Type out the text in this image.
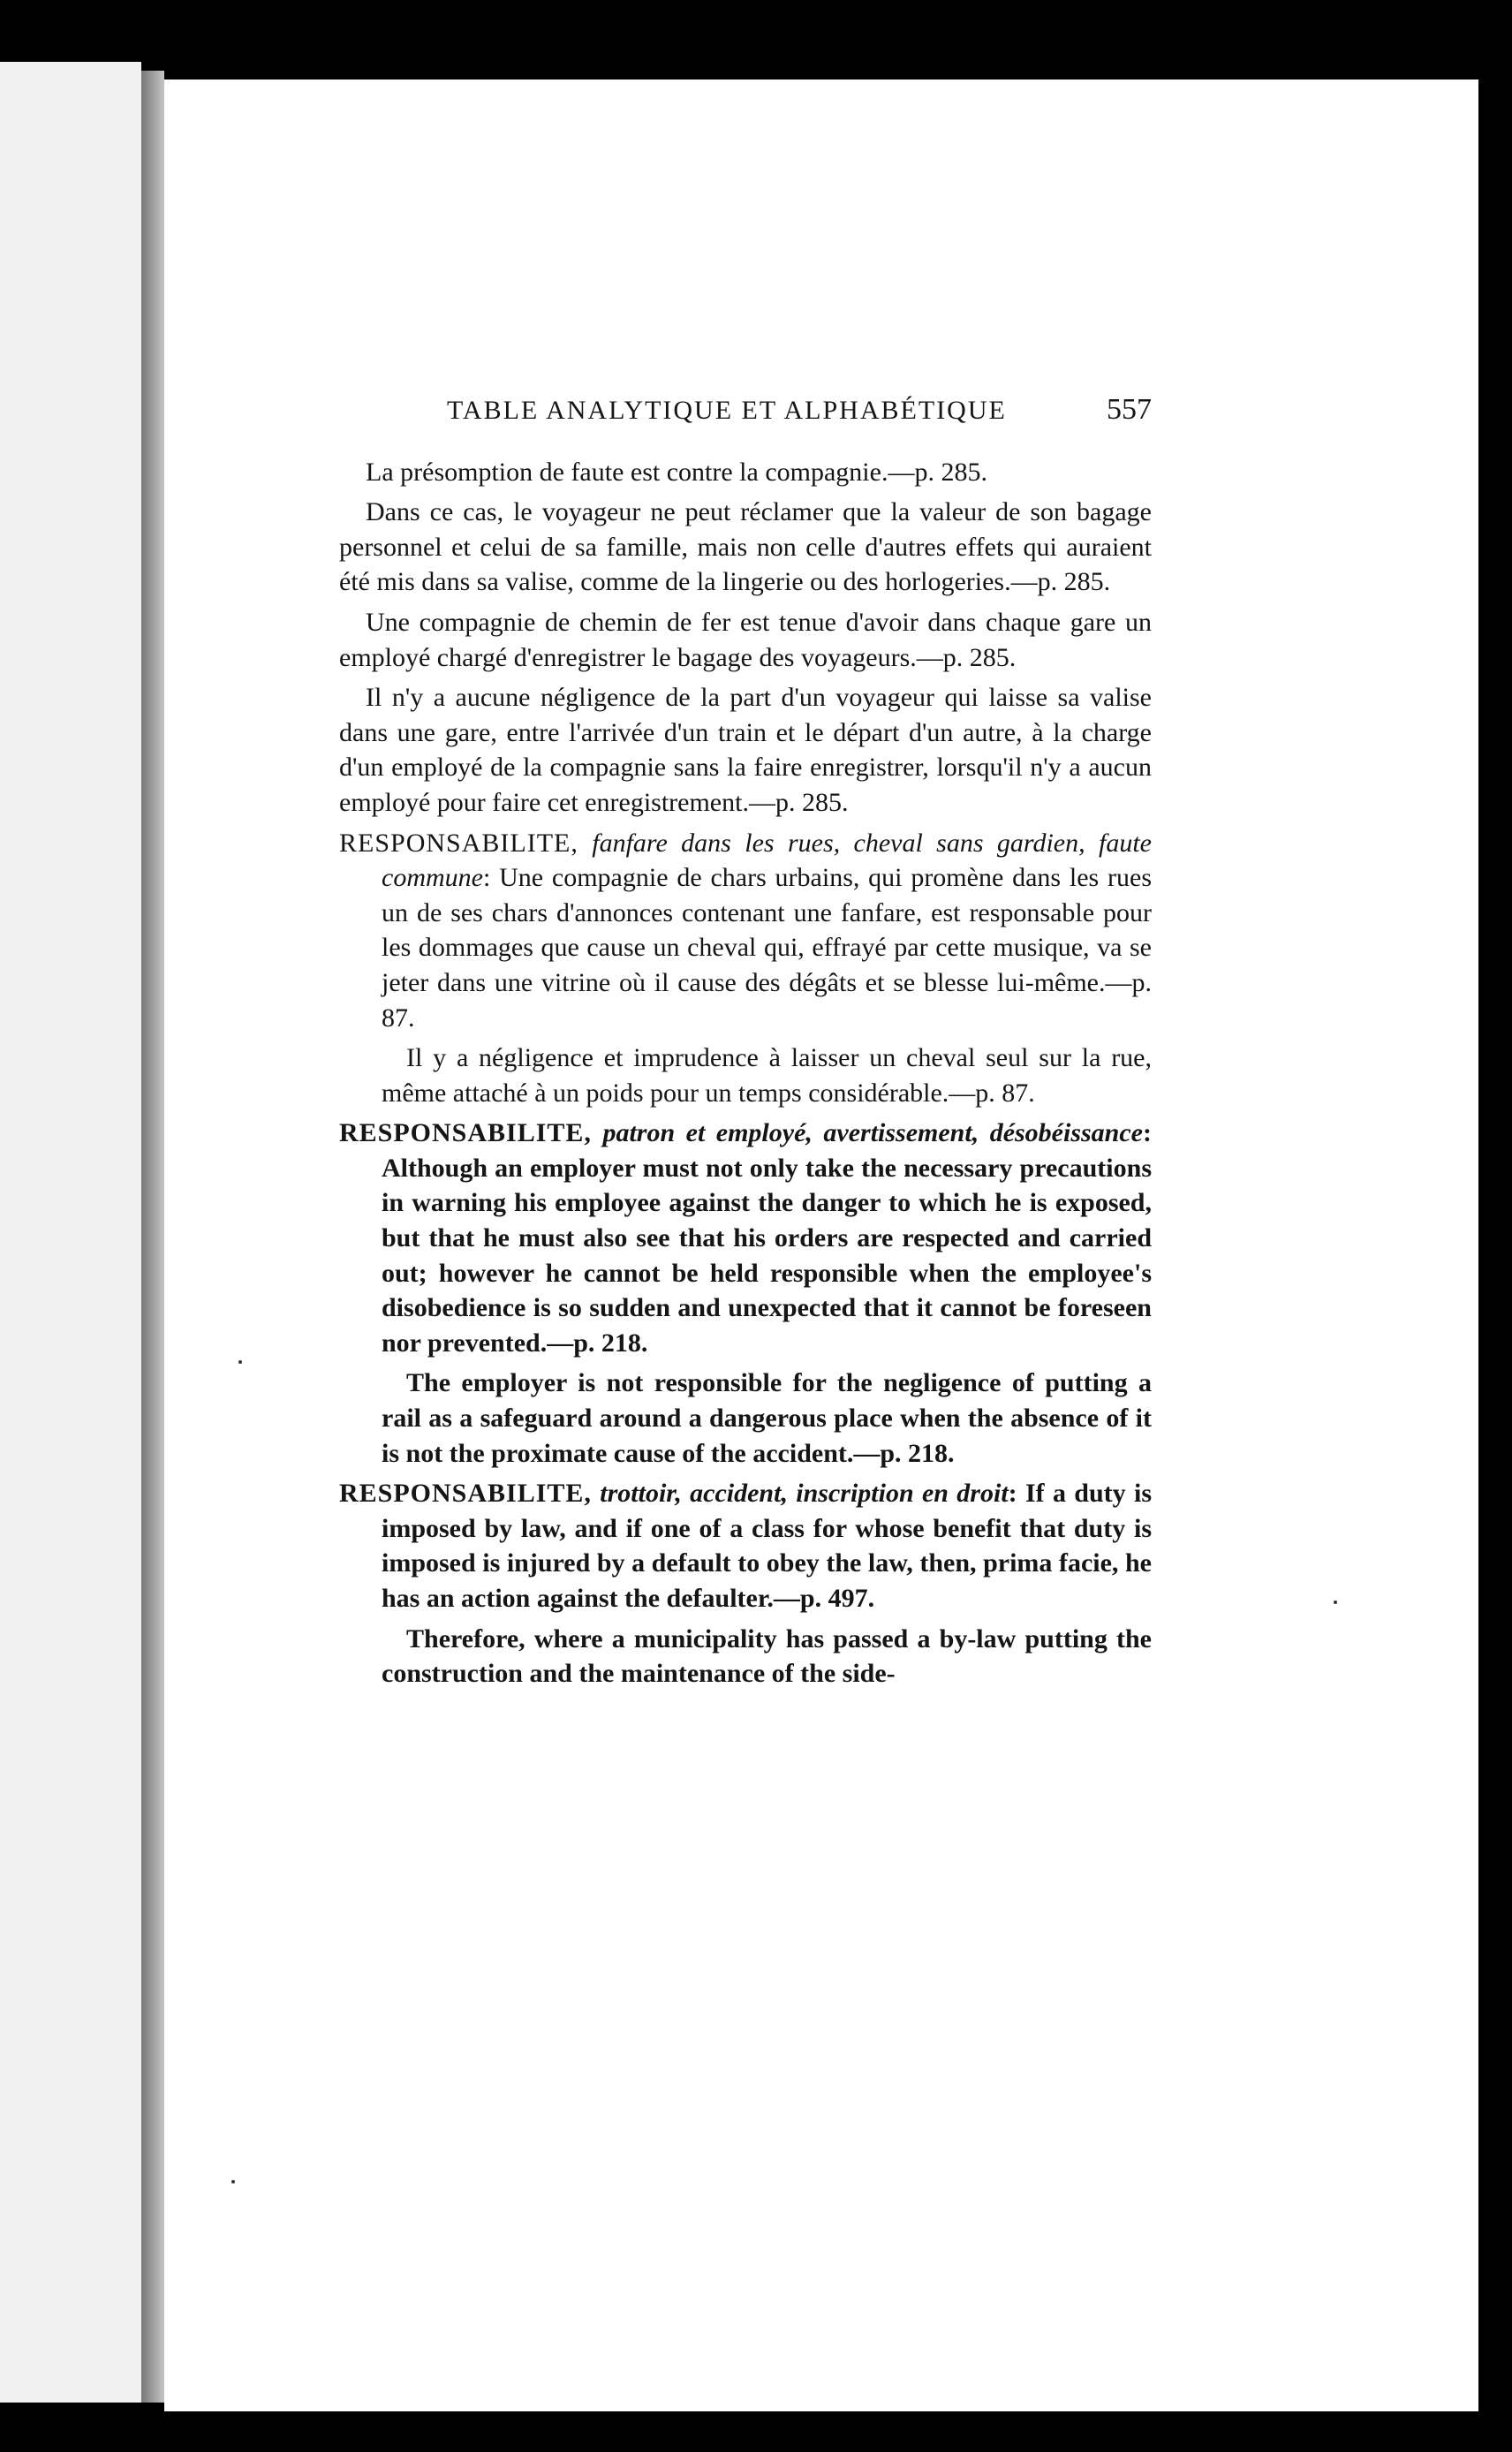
TABLE ANALYTIQUE ET ALPHABÉTIQUE	557

La présomption de faute est contre la compagnie.—p. 285.

Dans ce cas, le voyageur ne peut réclamer que la valeur de son bagage personnel et celui de sa famille, mais non celle d'autres effets qui auraient été mis dans sa valise, comme de la lingerie ou des horlogeries.—p. 285.

Une compagnie de chemin de fer est tenue d'avoir dans chaque gare un employé chargé d'enregistrer le bagage des voyageurs.—p. 285.

Il n'y a aucune négligence de la part d'un voyageur qui laisse sa valise dans une gare, entre l'arrivée d'un train et le départ d'un autre, à la charge d'un employé de la compagnie sans la faire enregistrer, lorsqu'il n'y a aucun employé pour faire cet enregistrement.—p. 285.

RESPONSABILITE, fanfare dans les rues, cheval sans gardien, faute commune: Une compagnie de chars urbains, qui promène dans les rues un de ses chars d'annonces contenant une fanfare, est responsable pour les dommages que cause un cheval qui, effrayé par cette musique, va se jeter dans une vitrine où il cause des dégâts et se blesse lui-même.—p. 87.

Il y a négligence et imprudence à laisser un cheval seul sur la rue, même attaché à un poids pour un temps considérable.—p. 87.

RESPONSABILITE, patron et employé, avertissement, désobéissance: Although an employer must not only take the necessary precautions in warning his employee against the danger to which he is exposed, but that he must also see that his orders are respected and carried out; however he cannot be held responsible when the employee's disobedience is so sudden and unexpected that it cannot be foreseen nor prevented.—p. 218.

The employer is not responsible for the negligence of putting a rail as a safeguard around a dangerous place when the absence of it is not the proximate cause of the accident.—p. 218.

RESPONSABILITE, trottoir, accident, inscription en droit: If a duty is imposed by law, and if one of a class for whose benefit that duty is imposed is injured by a default to obey the law, then, prima facie, he has an action against the defaulter.—p. 497.

Therefore, where a municipality has passed a by-law putting the construction and the maintenance of the side-
